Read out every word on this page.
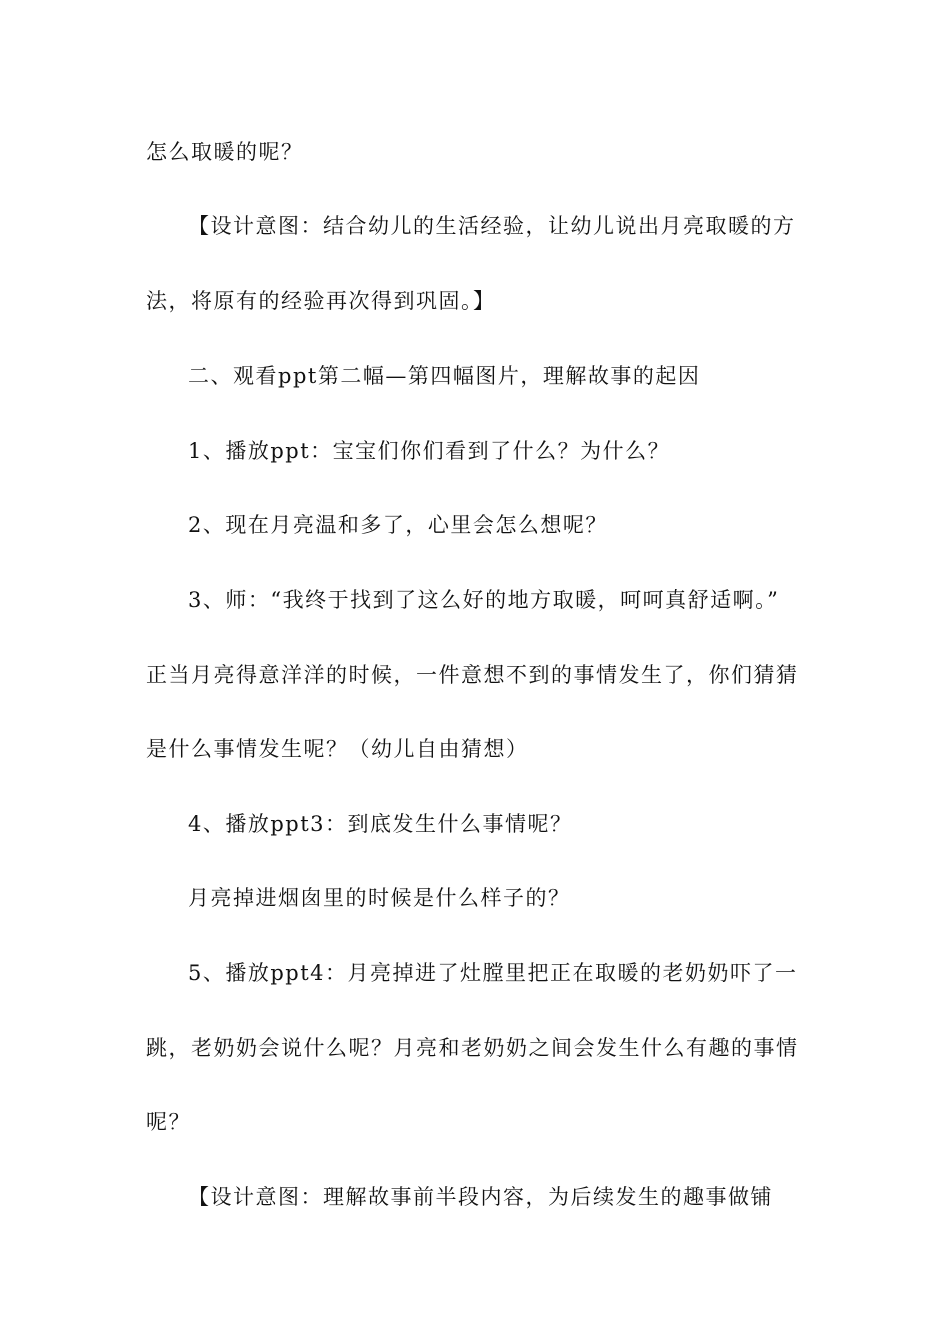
怎么取暖的呢？
【设计意图：结合幼儿的生活经验，让幼儿说出月亮取暖的方
法，将原有的经验再次得到巩固。】
二、观看ppt第二幅—第四幅图片，理解故事的起因
1、播放ppt：宝宝们你们看到了什么？为什么？
2、现在月亮温和多了，心里会怎么想呢？
3、师：“我终于找到了这么好的地方取暖，呵呵真舒适啊。”
正当月亮得意洋洋的时候，一件意想不到的事情发生了，你们猜猜
是什么事情发生呢？（幼儿自由猜想）
4、播放ppt3：到底发生什么事情呢？
月亮掉进烟囱里的时候是什么样子的？
5、播放ppt4：月亮掉进了灶膛里把正在取暖的老奶奶吓了一
跳，老奶奶会说什么呢？月亮和老奶奶之间会发生什么有趣的事情
呢？
【设计意图：理解故事前半段内容，为后续发生的趣事做铺
